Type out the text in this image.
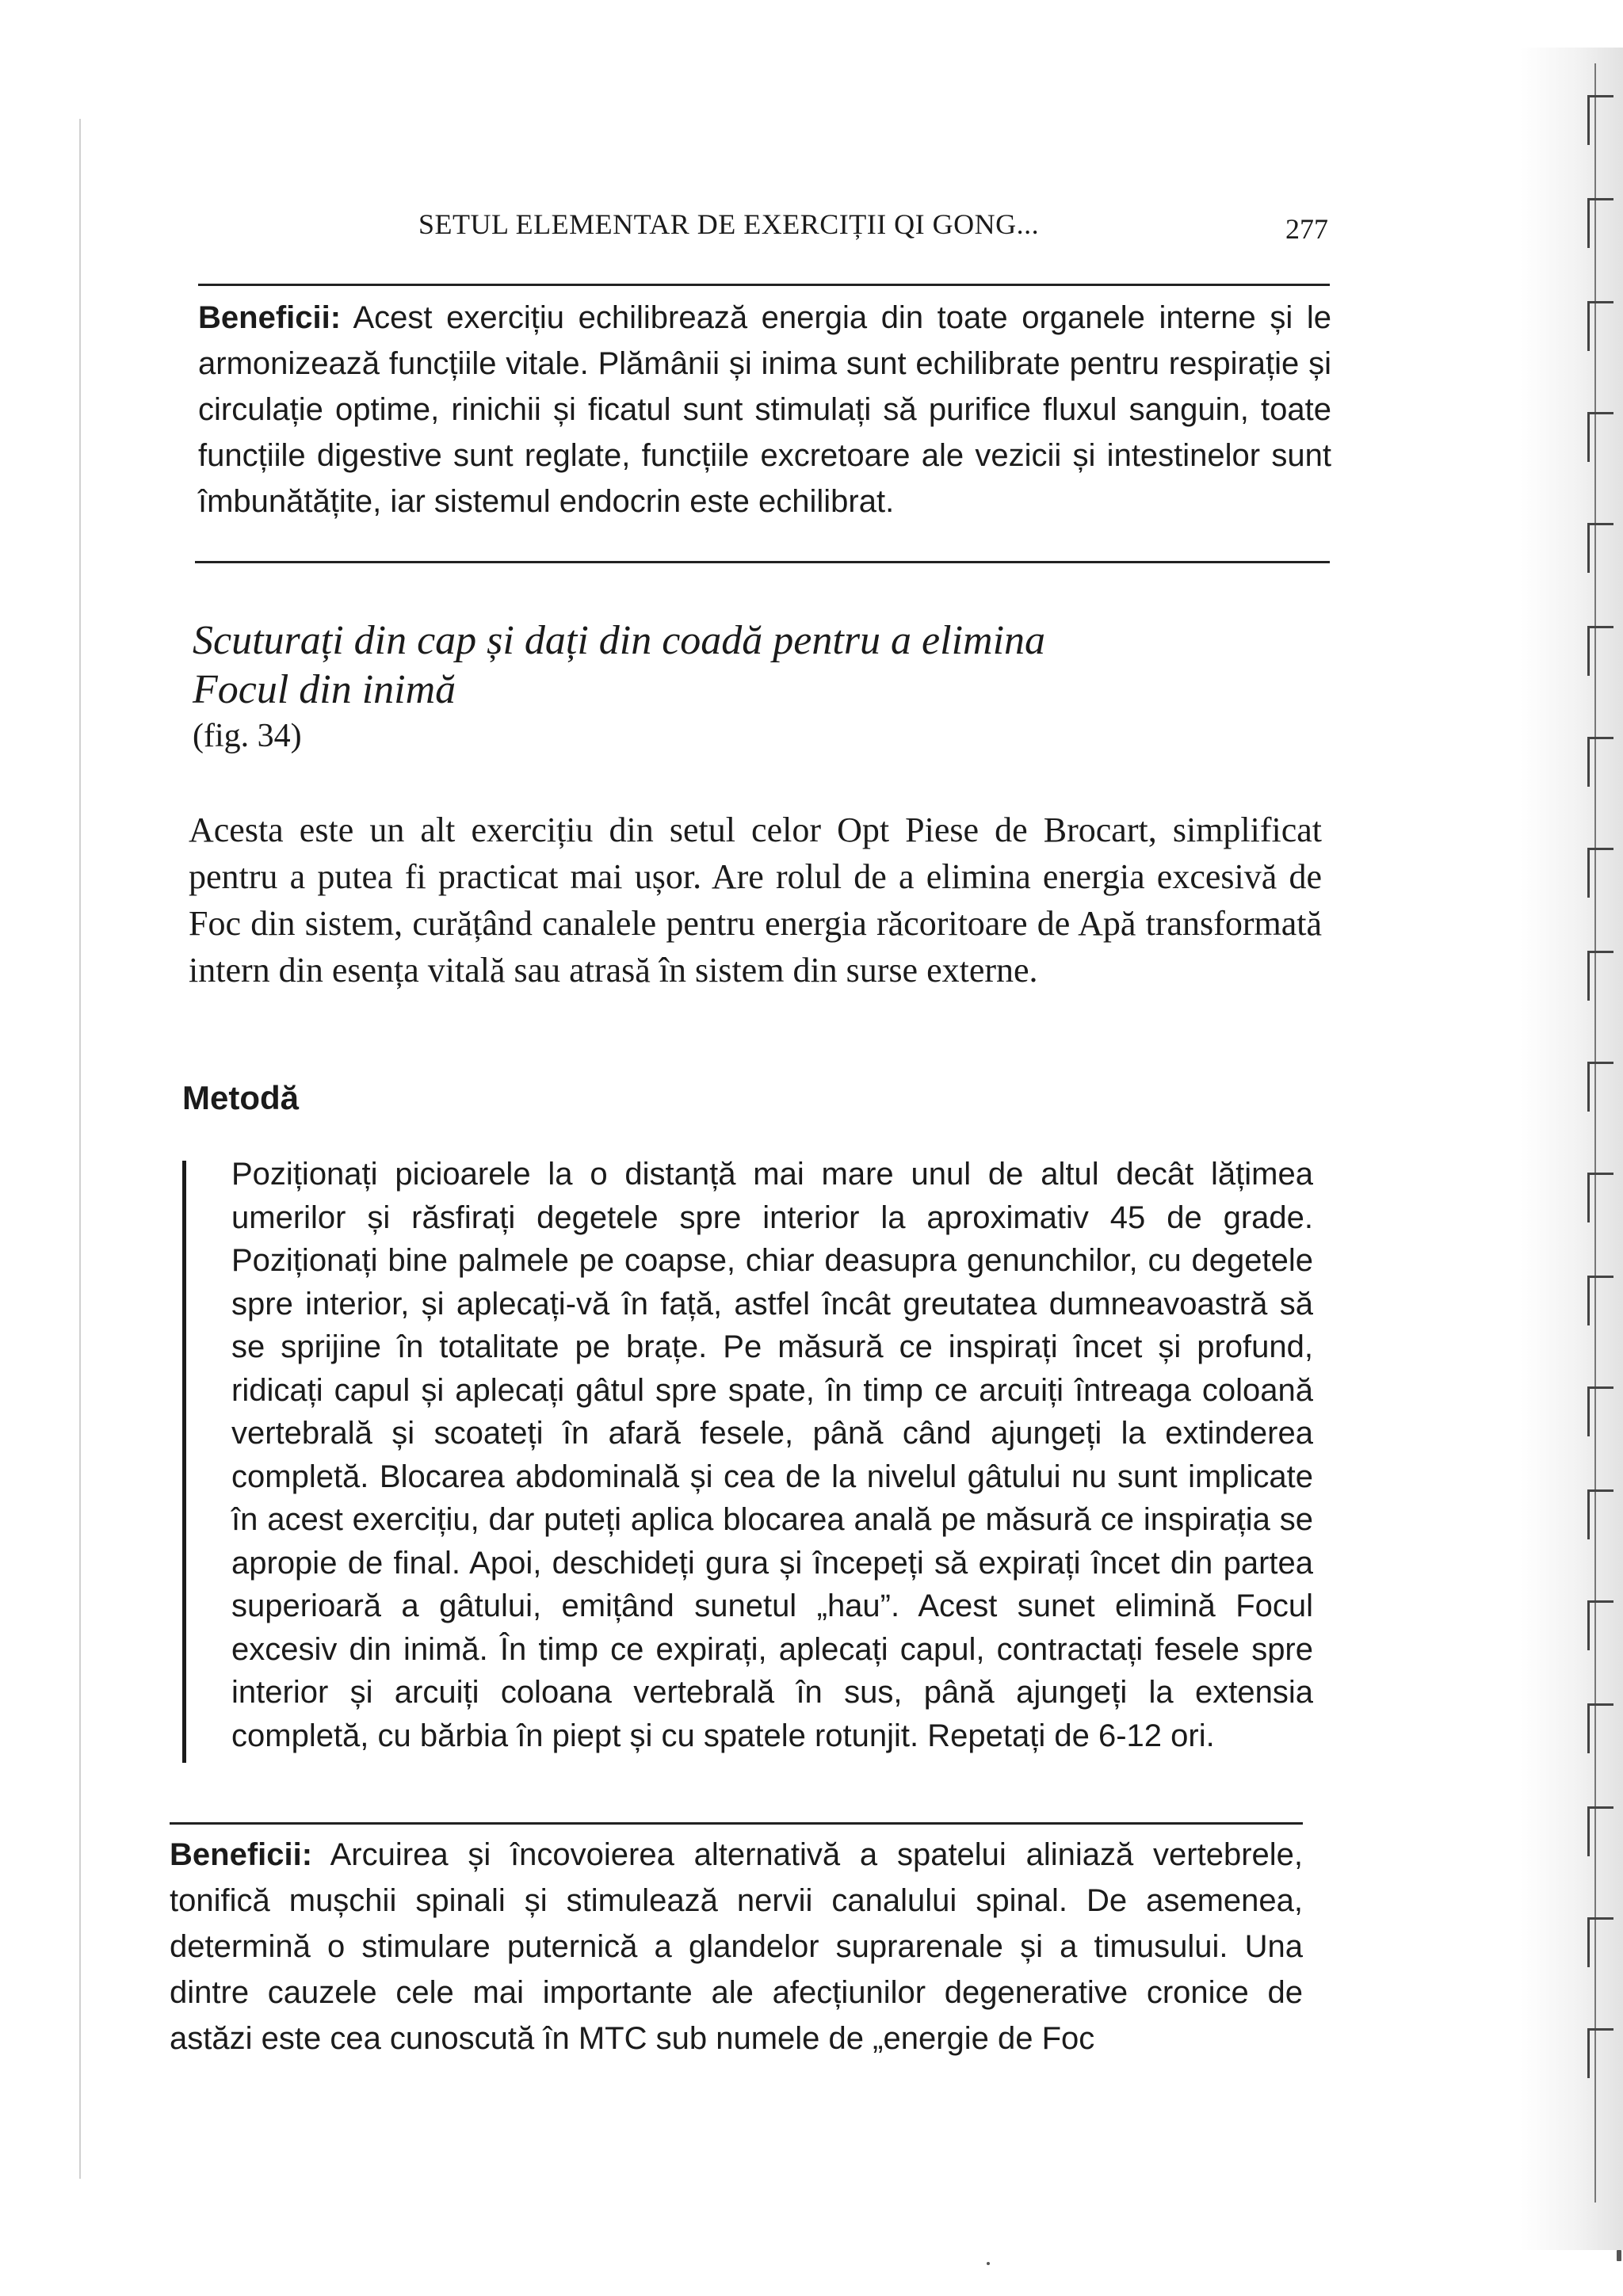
SETUL ELEMENTAR DE EXERCIȚII QI GONG...	277
Beneficii: Acest exercițiu echilibrează energia din toate organele interne și le armonizează funcțiile vitale. Plămânii și inima sunt echilibrate pentru respirație și circulație optime, rinichii și ficatul sunt stimulați să purifice fluxul sanguin, toate funcțiile digestive sunt reglate, funcțiile excretoare ale vezicii și intestinelor sunt îmbunătățite, iar sistemul endocrin este echilibrat.
Scuturați din cap și dați din coadă pentru a elimina
Focul din inimă
(fig. 34)
Acesta este un alt exercițiu din setul celor Opt Piese de Brocart, simplificat pentru a putea fi practicat mai ușor. Are rolul de a elimina energia excesivă de Foc din sistem, curățând canalele pentru energia răcoritoare de Apă transformată intern din esența vitală sau atrasă în sistem din surse externe.
Metodă
Poziționați picioarele la o distanță mai mare unul de altul decât lățimea umerilor și răsfirați degetele spre interior la aproximativ 45 de grade. Poziționați bine palmele pe coapse, chiar deasupra genunchilor, cu degetele spre interior, și aplecați-vă în față, astfel încât greutatea dumneavoastră să se sprijine în totalitate pe brațe. Pe măsură ce inspirați încet și profund, ridicați capul și aplecați gâtul spre spate, în timp ce arcuiți întreaga coloană vertebrală și scoateți în afară fesele, până când ajungeți la extinderea completă. Blocarea abdominală și cea de la nivelul gâtului nu sunt implicate în acest exercițiu, dar puteți aplica blocarea anală pe măsură ce inspirația se apropie de final. Apoi, deschideți gura și începeți să expirați încet din partea superioară a gâtului, emițând sunetul „hau”. Acest sunet elimină Focul excesiv din inimă. În timp ce expirați, aplecați capul, contractați fesele spre interior și arcuiți coloana vertebrală în sus, până ajungeți la extensia completă, cu bărbia în piept și cu spatele rotunjit. Repetați de 6-12 ori.
Beneficii: Arcuirea și încovoierea alternativă a spatelui aliniază vertebrele, tonifică mușchii spinali și stimulează nervii canalului spinal. De asemenea, determină o stimulare puternică a glandelor suprarenale și a timusului. Una dintre cauzele cele mai importante ale afecțiunilor degenerative cronice de astăzi este cea cunoscută în MTC sub numele de „energie de Foc
